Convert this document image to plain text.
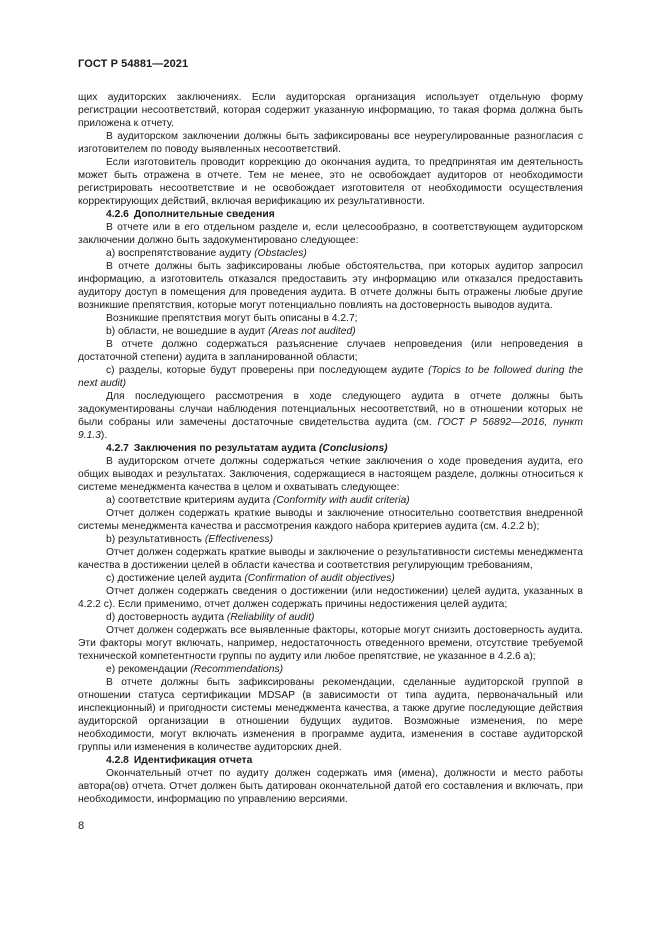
ГОСТ Р 54881—2021

щих аудиторских заключениях. Если аудиторская организация использует отдельную форму регистрации несоответствий, которая содержит указанную информацию, то такая форма должна быть приложена к отчету.

В аудиторском заключении должны быть зафиксированы все неурегулированные разногласия с изготовителем по поводу выявленных несоответствий.

Если изготовитель проводит коррекцию до окончания аудита, то предпринятая им деятельность может быть отражена в отчете. Тем не менее, это не освобождает аудиторов от необходимости регистрировать несоответствие и не освобождает изготовителя от необходимости осуществления корректирующих действий, включая верификацию их результативности.

4.2.6 Дополнительные сведения

В отчете или в его отдельном разделе и, если целесообразно, в соответствующем аудиторском заключении должно быть задокументировано следующее:

а) воспрепятствование аудиту (Obstacles)

В отчете должны быть зафиксированы любые обстоятельства, при которых аудитор запросил информацию, а изготовитель отказался предоставить эту информацию или отказался предоставить аудитору доступ в помещения для проведения аудита. В отчете должны быть отражены любые другие возникшие препятствия, которые могут потенциально повлиять на достоверность выводов аудита.

Возникшие препятствия могут быть описаны в 4.2.7;

b) области, не вошедшие в аудит (Areas not audited)

В отчете должно содержаться разъяснение случаев непроведения (или непроведения в достаточной степени) аудита в запланированной области;

с) разделы, которые будут проверены при последующем аудите (Topics to be followed during the next audit)

Для последующего рассмотрения в ходе следующего аудита в отчете должны быть задокументированы случаи наблюдения потенциальных несоответствий, но в отношении которых не были собраны или замечены достаточные свидетельства аудита (см. ГОСТ Р 56892—2016, пункт 9.1.3).

4.2.7 Заключения по результатам аудита (Conclusions)

В аудиторском отчете должны содержаться четкие заключения о ходе проведения аудита, его общих выводах и результатах. Заключения, содержащиеся в настоящем разделе, должны относиться к системе менеджмента качества в целом и охватывать следующее:

а) соответствие критериям аудита (Conformity with audit criteria)

Отчет должен содержать краткие выводы и заключение относительно соответствия внедренной системы менеджмента качества и рассмотрения каждого набора критериев аудита (см. 4.2.2 b);

b) результативность (Effectiveness)

Отчет должен содержать краткие выводы и заключение о результативности системы менеджмента качества в достижении целей в области качества и соответствия регулирующим требованиям,

с) достижение целей аудита (Confirmation of audit objectives)

Отчет должен содержать сведения о достижении (или недостижении) целей аудита, указанных в 4.2.2 с). Если применимо, отчет должен содержать причины недостижения целей аудита;

d) достоверность аудита (Reliability of audit)

Отчет должен содержать все выявленные факторы, которые могут снизить достоверность аудита. Эти факторы могут включать, например, недостаточность отведенного времени, отсутствие требуемой технической компетентности группы по аудиту или любое препятствие, не указанное в 4.2.6 а);

е) рекомендации (Recommendations)

В отчете должны быть зафиксированы рекомендации, сделанные аудиторской группой в отношении статуса сертификации MDSAP (в зависимости от типа аудита, первоначальный или инспекционный) и пригодности системы менеджмента качества, а также другие последующие действия аудиторской организации в отношении будущих аудитов. Возможные изменения, по мере необходимости, могут включать изменения в программе аудита, изменения в составе аудиторской группы или изменения в количестве аудиторских дней.

4.2.8 Идентификация отчета

Окончательный отчет по аудиту должен содержать имя (имена), должности и место работы автора(ов) отчета. Отчет должен быть датирован окончательной датой его составления и включать, при необходимости, информацию по управлению версиями.

8
